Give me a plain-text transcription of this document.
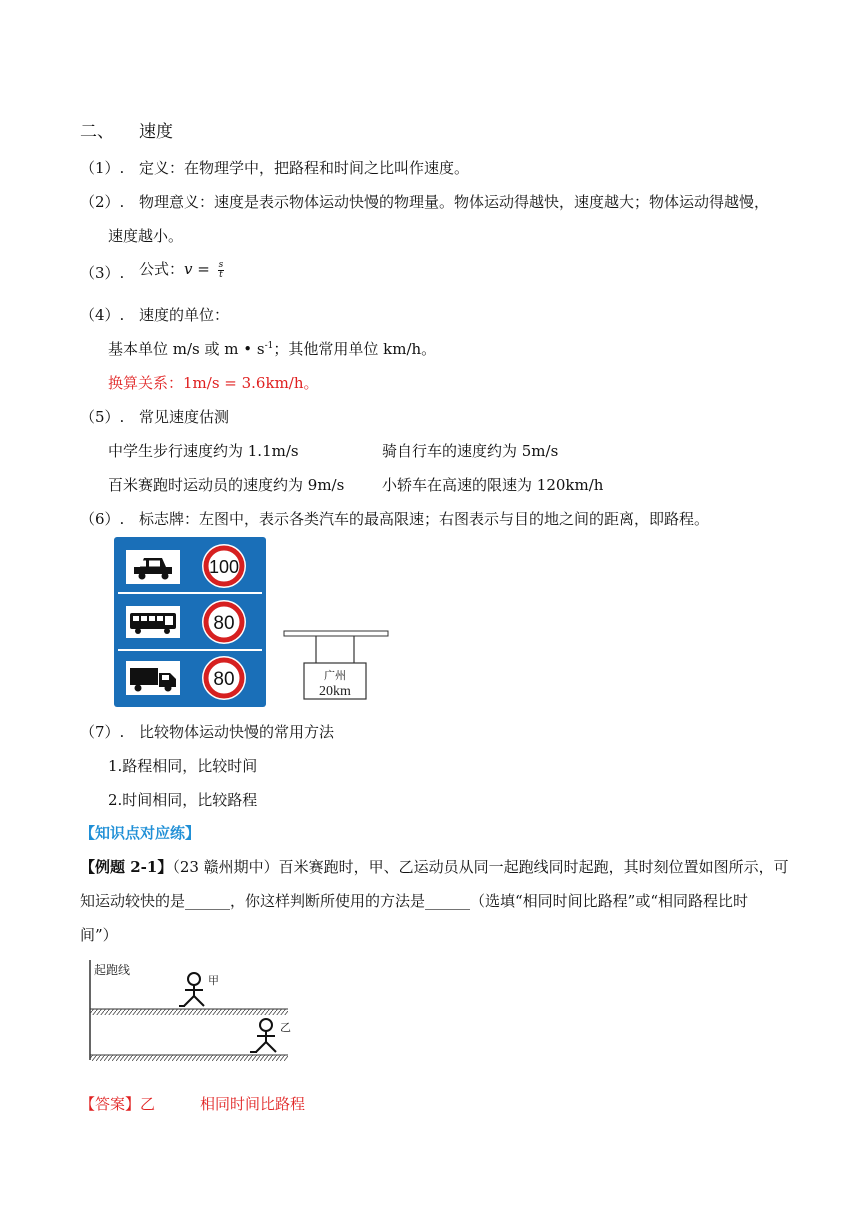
二、 速度
（1）. 定义：在物理学中，把路程和时间之比叫作速度。
（2）. 物理意义：速度是表示物体运动快慢的物理量。物体运动得越快，速度越大；物体运动得越慢，
速度越小。
（3）. 公式：$v = \frac{s}{t}$
（4）. 速度的单位：
基本单位 m/s 或 m • $s^{-1}$；其他常用单位 km/h。
换算关系：1m/s = 3.6km/h。
（5）. 常见速度估测
中学生步行速度约为 1.1m/s	骑自行车的速度约为 5m/s
百米赛跑时运动员的速度约为 9m/s	小轿车在高速的限速为 120km/h
（6）. 标志牌：左图中，表示各类汽车的最高限速；右图表示与目的地之间的距离，即路程。
100
80
80	广州
20km
（7）. 比较物体运动快慢的常用方法
1.路程相同，比较时间
2.时间相同，比较路程
【知识点对应练】
【例题 2-1】（23 赣州期中）百米赛跑时，甲、乙运动员从同一起跑线同时起跑，其时刻位置如图所示，可
知运动较快的是______，你这样判断所使用的方法是______（选填“相同时间比路程”或“相同路程比时
间”）
起跑线
甲
乙
【答案】乙	相同时间比路程
